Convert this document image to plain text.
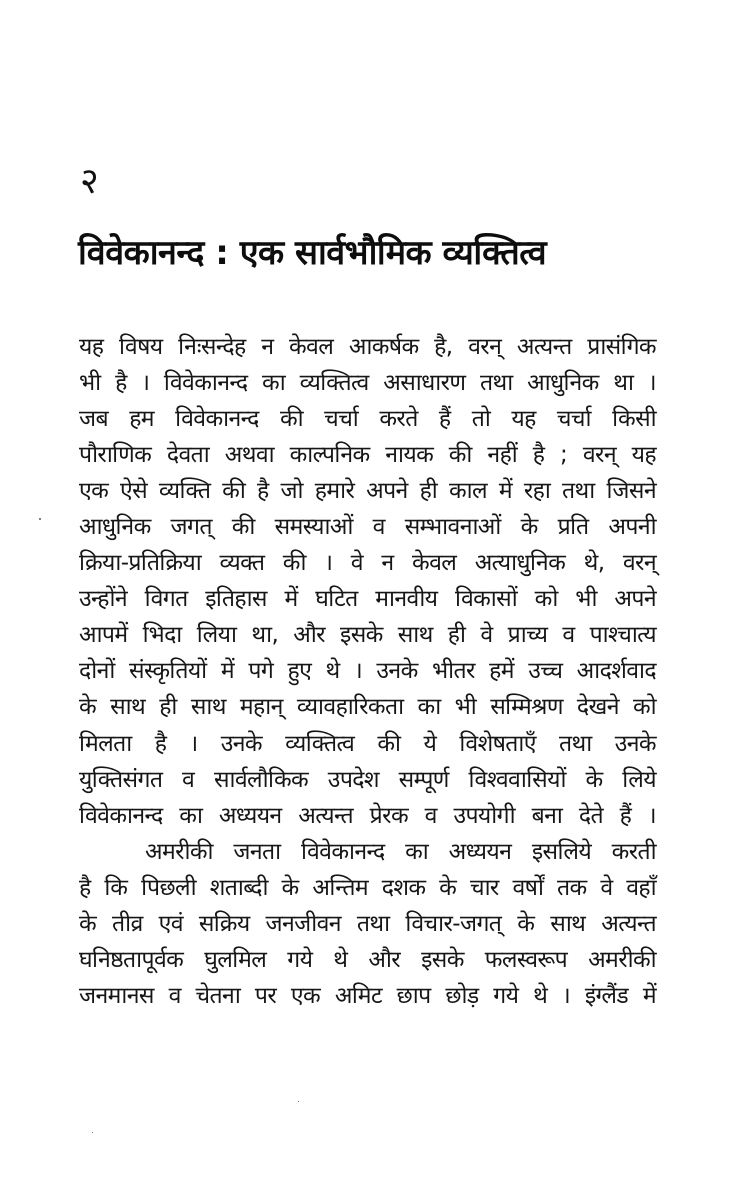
२
विवेकानन्द : एक सार्वभौमिक व्यक्तित्व
यह विषय निःसन्देह न केवल आकर्षक है, वरन् अत्यन्त प्रासंगिक
भी है । विवेकानन्द का व्यक्तित्व असाधारण तथा आधुनिक था ।
जब हम विवेकानन्द की चर्चा करते हैं तो यह चर्चा किसी
पौराणिक देवता अथवा काल्पनिक नायक की नहीं है ; वरन् यह
एक ऐसे व्यक्ति की है जो हमारे अपने ही काल में रहा तथा जिसने
आधुनिक जगत् की समस्याओं व सम्भावनाओं के प्रति अपनी
क्रिया-प्रतिक्रिया व्यक्त की । वे न केवल अत्याधुनिक थे, वरन्
उन्होंने विगत इतिहास में घटित मानवीय विकासों को भी अपने
आपमें भिदा लिया था, और इसके साथ ही वे प्राच्य व पाश्चात्य
दोनों संस्कृतियों में पगे हुए थे । उनके भीतर हमें उच्च आदर्शवाद
के साथ ही साथ महान् व्यावहारिकता का भी सम्मिश्रण देखने को
मिलता है । उनके व्यक्तित्व की ये विशेषताएँ तथा उनके
युक्तिसंगत व सार्वलौकिक उपदेश सम्पूर्ण विश्ववासियों के लिये
विवेकानन्द का अध्ययन अत्यन्त प्रेरक व उपयोगी बना देते हैं ।
अमरीकी जनता विवेकानन्द का अध्ययन इसलिये करती
है कि पिछली शताब्दी के अन्तिम दशक के चार वर्षों तक वे वहाँ
के तीव्र एवं सक्रिय जनजीवन तथा विचार-जगत् के साथ अत्यन्त
घनिष्ठतापूर्वक घुलमिल गये थे और इसके फलस्वरूप अमरीकी
जनमानस व चेतना पर एक अमिट छाप छोड़ गये थे । इंग्लैंड में
